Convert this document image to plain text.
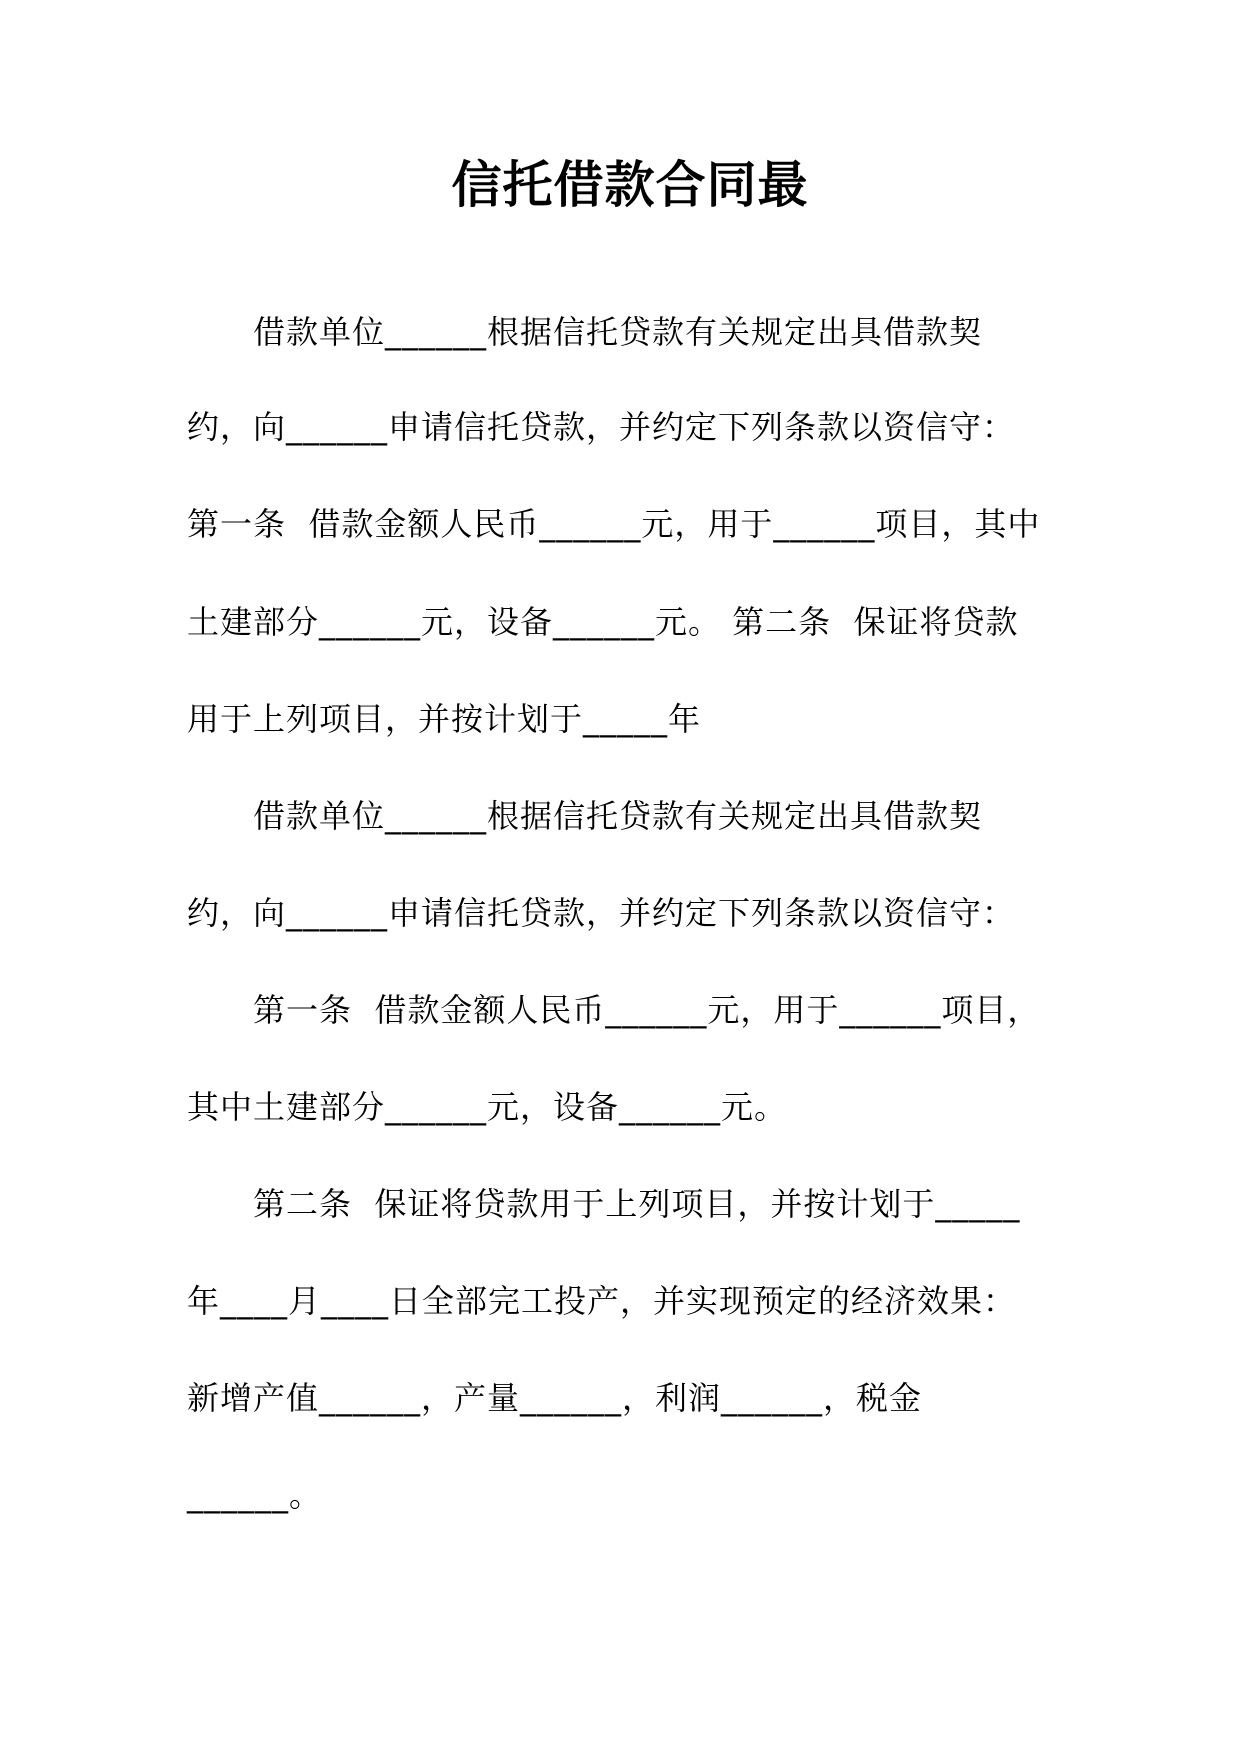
信托借款合同最
借款单位______根据信托贷款有关规定出具借款契
约，向______申请信托贷款，并约定下列条款以资信守：
第一条  借款金额人民币______元，用于______项目，其中
土建部分______元，设备______元。 第二条  保证将贷款
用于上列项目，并按计划于_____年
借款单位______根据信托贷款有关规定出具借款契
约，向______申请信托贷款，并约定下列条款以资信守：
第一条  借款金额人民币______元，用于______项目，
其中土建部分______元，设备______元。
第二条  保证将贷款用于上列项目，并按计划于_____
年____月____日全部完工投产，并实现预定的经济效果：
新增产值______，产量______，利润______，税金
______。
